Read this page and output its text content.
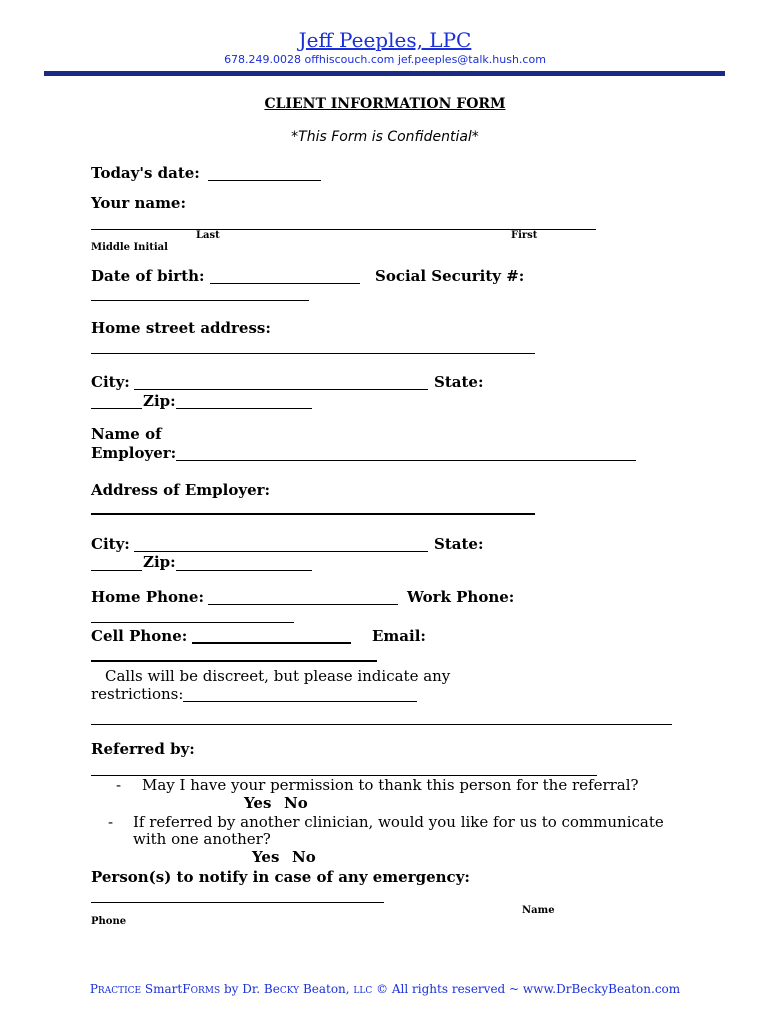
Jeff Peeples, LPC
678.249.0028 offhiscouch.com jef.peeples@talk.hush.com
CLIENT INFORMATION FORM
*This Form is Confidential*
Today's date:
Your name:
Last	First
Middle Initial
Date of birth:	Social Security #:
Home street address:
City:	State:
Zip:
Name of
Employer:
Address of Employer:
City:	State:
Zip:
Home Phone:	Work Phone:
Cell Phone:	Email:
Calls will be discreet, but please indicate any
restrictions:
Referred by:
- May I have your permission to thank this person for the referral?
Yes No
- If referred by another clinician, would you like for us to communicate
with one another?
Yes No
Person(s) to notify in case of any emergency:
Name
Phone
PRACTICE SmartFORMS by Dr. BeCKY Beaton, LLC © All rights reserved ~ www.DrBeckyBeaton.com
